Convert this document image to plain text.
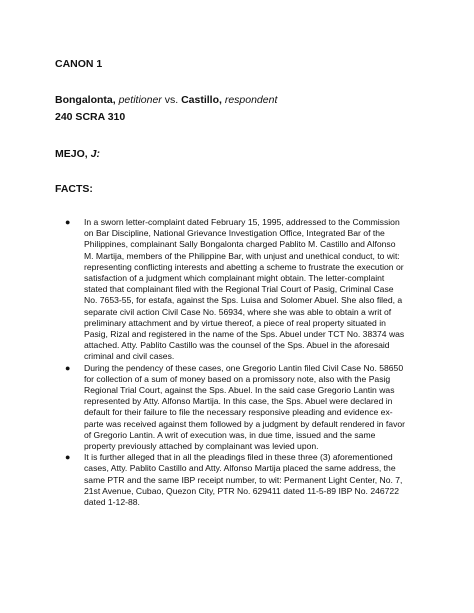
CANON 1
Bongalonta, petitioner vs. Castillo, respondent
240 SCRA 310
MEJO, J:
FACTS:
● In a sworn letter-complaint dated February 15, 1995, addressed to the Commission on Bar Discipline, National Grievance Investigation Office, Integrated Bar of the Philippines, complainant Sally Bongalonta charged Pablito M. Castillo and Alfonso M. Martija, members of the Philippine Bar, with unjust and unethical conduct, to wit: representing conflicting interests and abetting a scheme to frustrate the execution or satisfaction of a judgment which complainant might obtain. The letter-complaint stated that complainant filed with the Regional Trial Court of Pasig, Criminal Case No. 7653-55, for estafa, against the Sps. Luisa and Solomer Abuel. She also filed, a separate civil action Civil Case No. 56934, where she was able to obtain a writ of preliminary attachment and by virtue thereof, a piece of real property situated in Pasig, Rizal and registered in the name of the Sps. Abuel under TCT No. 38374 was attached. Atty. Pablito Castillo was the counsel of the Sps. Abuel in the aforesaid criminal and civil cases.
● During the pendency of these cases, one Gregorio Lantin filed Civil Case No. 58650 for collection of a sum of money based on a promissory note, also with the Pasig Regional Trial Court, against the Sps. Abuel. In the said case Gregorio Lantin was represented by Atty. Alfonso Martija. In this case, the Sps. Abuel were declared in default for their failure to file the necessary responsive pleading and evidence ex-parte was received against them followed by a judgment by default rendered in favor of Gregorio Lantin. A writ of execution was, in due time, issued and the same property previously attached by complainant was levied upon.
● It is further alleged that in all the pleadings filed in these three (3) aforementioned cases, Atty. Pablito Castillo and Atty. Alfonso Martija placed the same address, the same PTR and the same IBP receipt number, to wit: Permanent Light Center, No. 7, 21st Avenue, Cubao, Quezon City, PTR No. 629411 dated 11-5-89 IBP No. 246722 dated 1-12-88.
